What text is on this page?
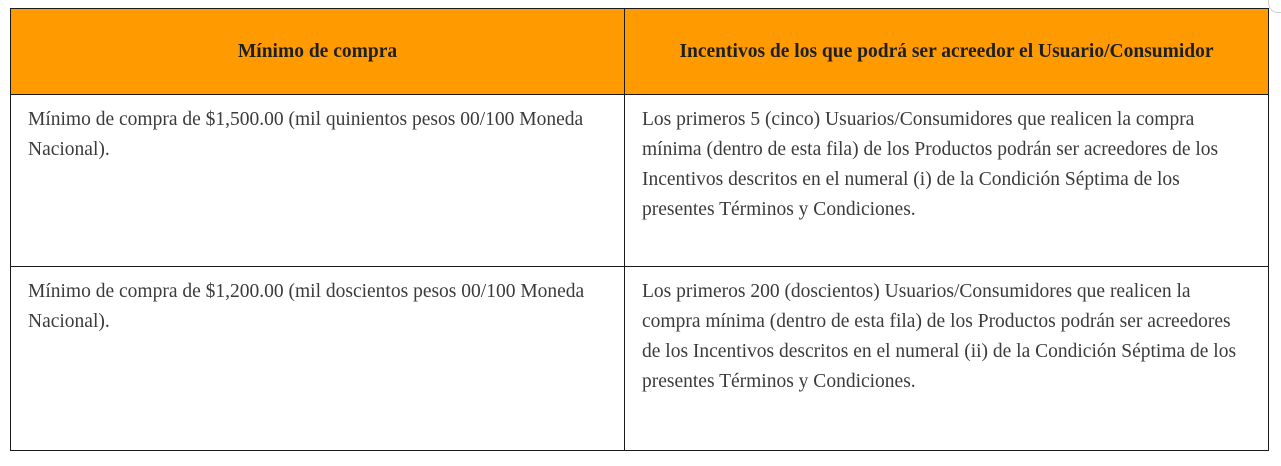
Mínimo de compra	Incentivos de los que podrá ser acreedor el Usuario/Consumidor

Mínimo de compra de $1,500.00 (mil quinientos pesos 00/100 Moneda Nacional).	Los primeros 5 (cinco) Usuarios/Consumidores que realicen la compra mínima (dentro de esta fila) de los Productos podrán ser acreedores de los Incentivos descritos en el numeral (i) de la Condición Séptima de los presentes Términos y Condiciones.

Mínimo de compra de $1,200.00 (mil doscientos pesos 00/100 Moneda Nacional).	Los primeros 200 (doscientos) Usuarios/Consumidores que realicen la compra mínima (dentro de esta fila) de los Productos podrán ser acreedores de los Incentivos descritos en el numeral (ii) de la Condición Séptima de los presentes Términos y Condiciones.
